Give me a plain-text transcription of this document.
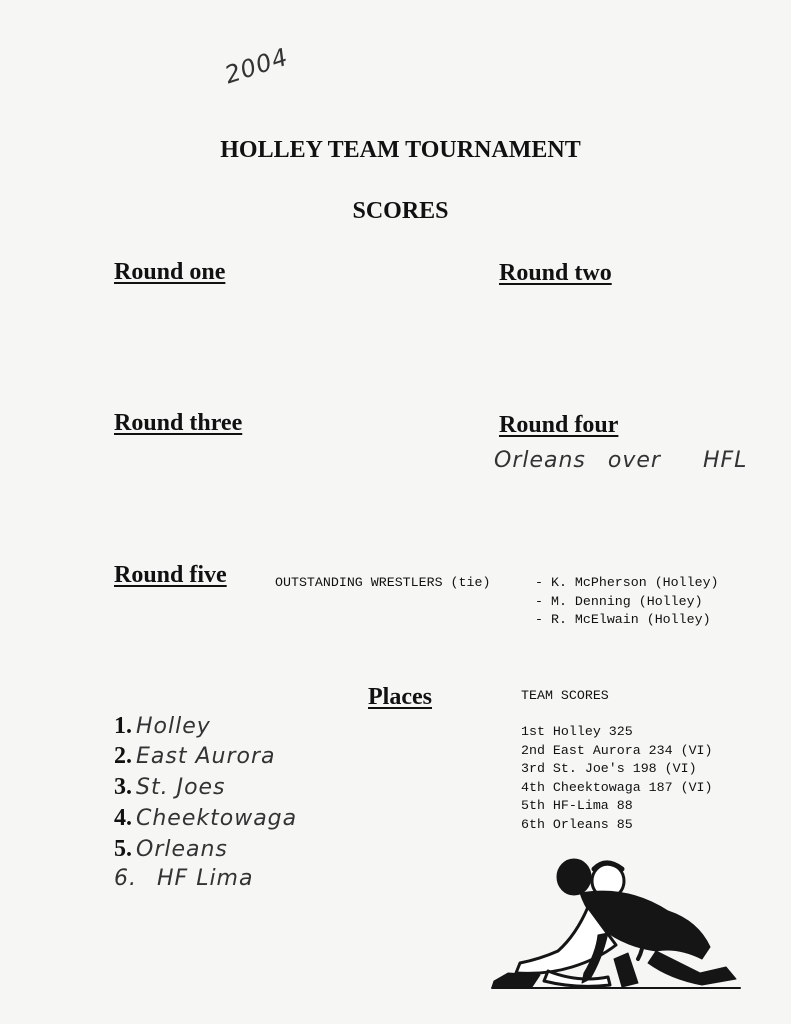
2004
HOLLEY TEAM TOURNAMENT
SCORES
Round one	Round two
Round three	Round four
Orleans over HFL
Round five	OUTSTANDING WRESTLERS (tie)	- K. McPherson (Holley)
- M. Denning (Holley)
- R. McElwain (Holley)
Places
1. Holley
2. East Aurora
3. St. Joes
4. Cheektowaga
5. Orleans
6. HF Lima
TEAM SCORES
1st Holley 325
2nd East Aurora 234 (VI)
3rd St. Joe's 198 (VI)
4th Cheektowaga 187 (VI)
5th HF-Lima 88
6th Orleans 85
